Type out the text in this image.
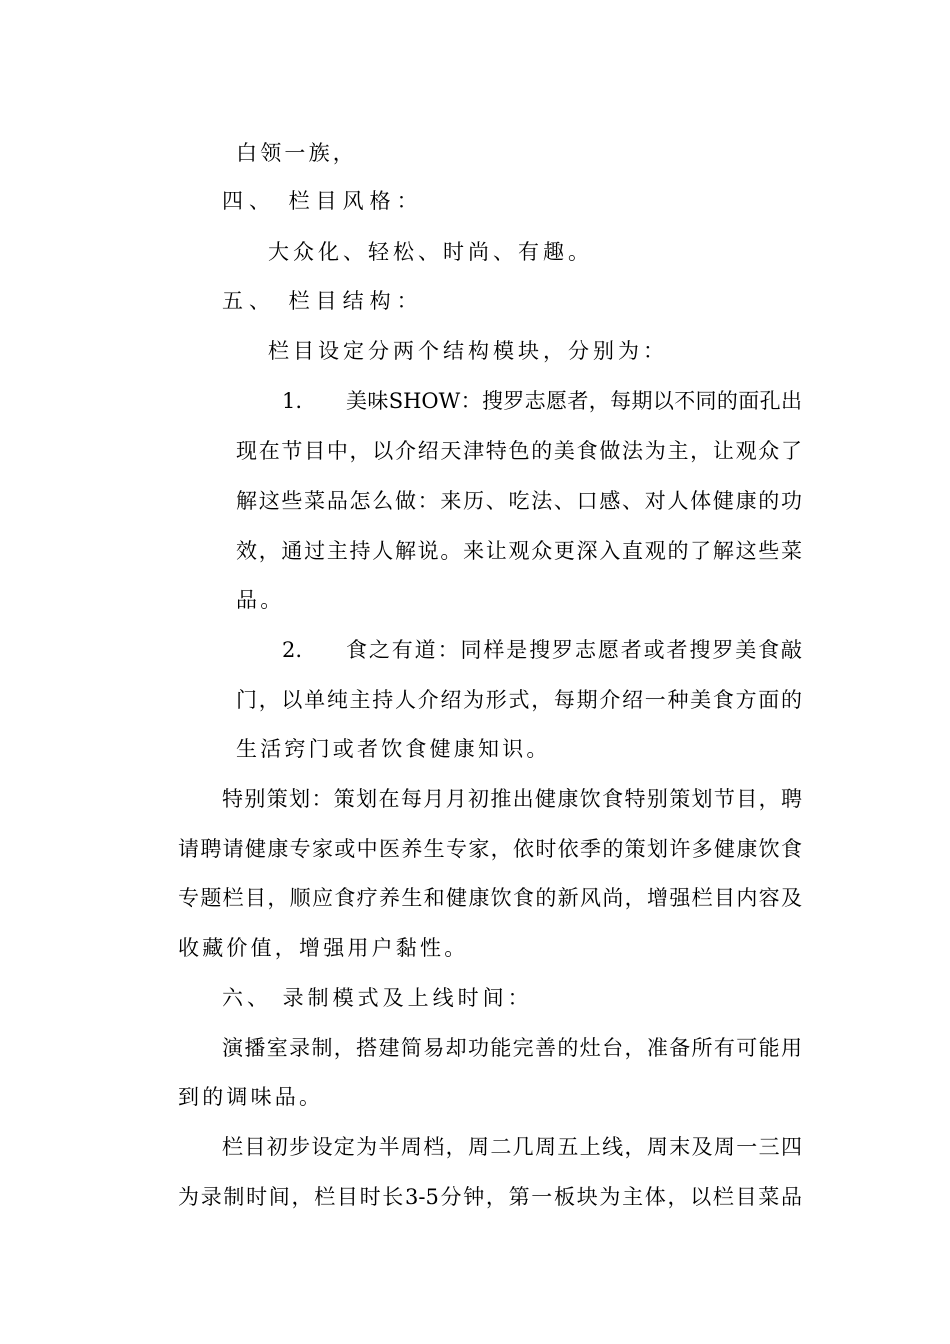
白领一族，
四、 栏目风格：
大众化、轻松、时尚、有趣。
五、 栏目结构：
栏目设定分两个结构模块，分别为：
1. 美味SHOW：搜罗志愿者，每期以不同的面孔出
现在节目中，以介绍天津特色的美食做法为主，让观众了
解这些菜品怎么做：来历、吃法、口感、对人体健康的功
效，通过主持人解说。来让观众更深入直观的了解这些菜
品。
2. 食之有道：同样是搜罗志愿者或者搜罗美食敲
门，以单纯主持人介绍为形式，每期介绍一种美食方面的
生活窍门或者饮食健康知识。
特别策划：策划在每月月初推出健康饮食特别策划节目，聘
请聘请健康专家或中医养生专家，依时依季的策划许多健康饮食
专题栏目，顺应食疗养生和健康饮食的新风尚，增强栏目内容及
收藏价值，增强用户黏性。
六、 录制模式及上线时间：
演播室录制，搭建简易却功能完善的灶台，准备所有可能用
到的调味品。
栏目初步设定为半周档，周二几周五上线，周末及周一三四
为录制时间，栏目时长3-5分钟，第一板块为主体，以栏目菜品
